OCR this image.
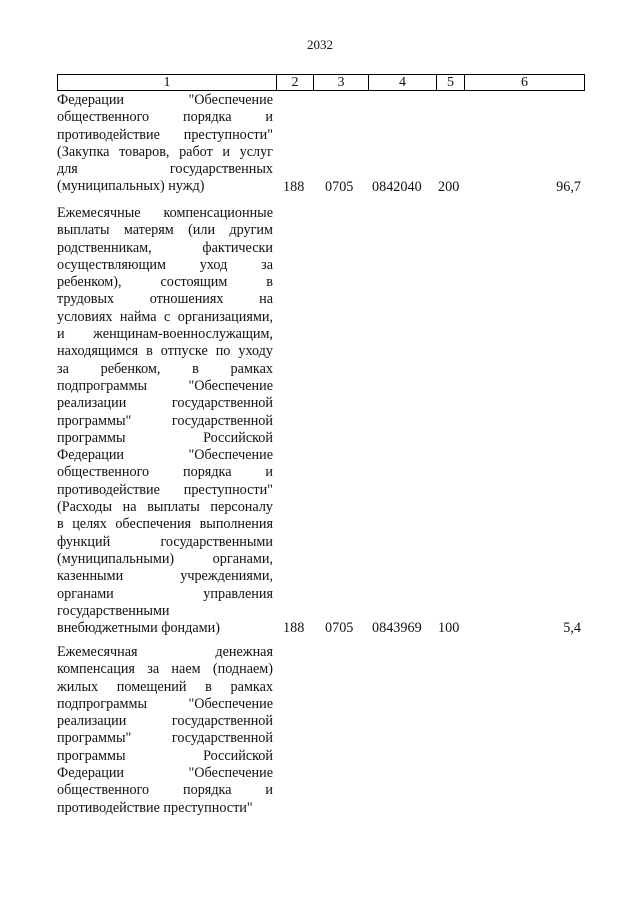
2032
1	2	3	4	5	6
Федерации "Обеспечение
общественного порядка и
противодействие преступности"
(Закупка товаров, работ и услуг
для государственных
(муниципальных) нужд)	188 0705 0842040 200	96,7
Ежемесячные компенсационные
выплаты матерям (или другим
родственникам, фактически
осуществляющим уход за
ребенком), состоящим в
трудовых отношениях на
условиях найма с организациями,
и женщинам-военнослужащим,
находящимся в отпуске по уходу
за ребенком, в рамках
подпрограммы "Обеспечение
реализации государственной
программы" государственной
программы Российской
Федерации "Обеспечение
общественного порядка и
противодействие преступности"
(Расходы на выплаты персоналу
в целях обеспечения выполнения
функций государственными
(муниципальными) органами,
казенными учреждениями,
органами управления
государственными
внебюджетными фондами)	188 0705 0843969 100	5,4
Ежемесячная денежная
компенсация за наем (поднаем)
жилых помещений в рамках
подпрограммы "Обеспечение
реализации государственной
программы" государственной
программы Российской
Федерации "Обеспечение
общественного порядка и
противодействие преступности"
